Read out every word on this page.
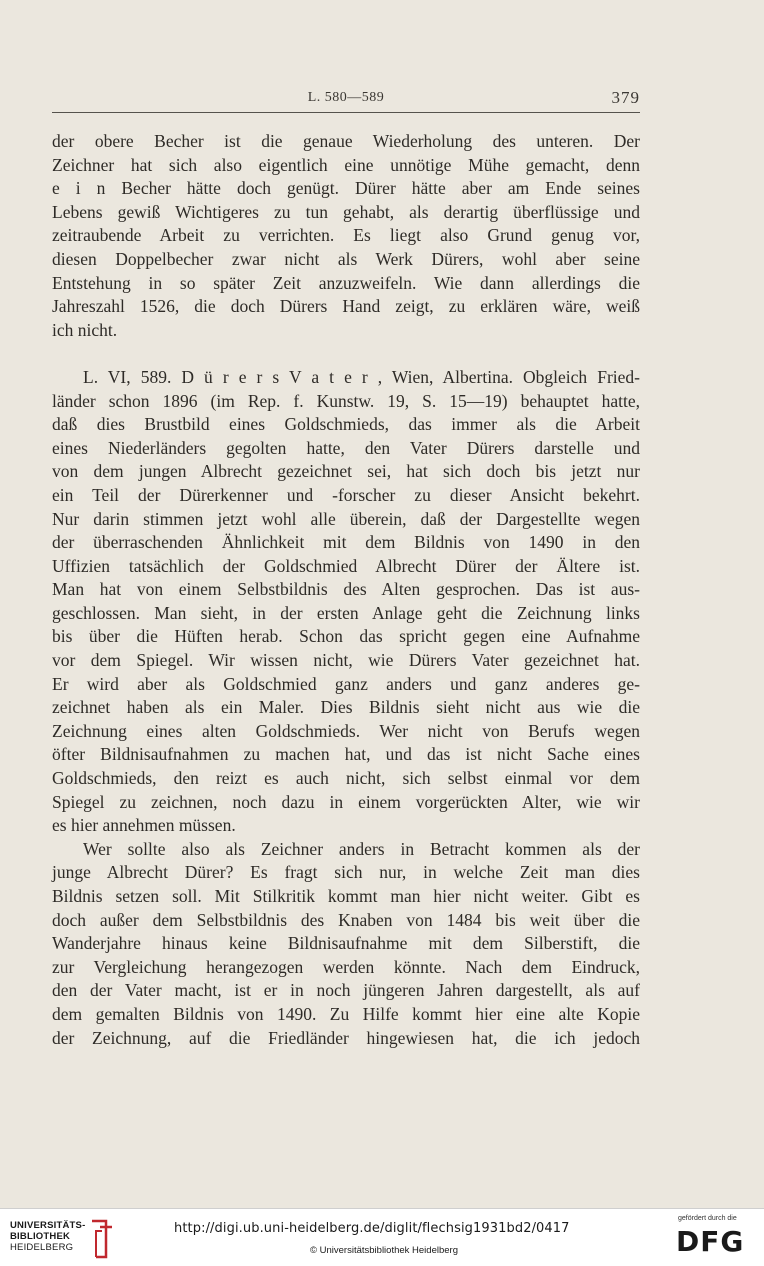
L. 580—589	379
der obere Becher ist die genaue Wiederholung des unteren. Der
Zeichner hat sich also eigentlich eine unnötige Mühe gemacht, denn
e i n Becher hätte doch genügt. Dürer hätte aber am Ende seines
Lebens gewiß Wichtigeres zu tun gehabt, als derartig überflüssige und
zeitraubende Arbeit zu verrichten. Es liegt also Grund genug vor,
diesen Doppelbecher zwar nicht als Werk Dürers, wohl aber seine
Entstehung in so später Zeit anzuzweifeln. Wie dann allerdings die
Jahreszahl 1526, die doch Dürers Hand zeigt, zu erklären wäre, weiß
ich nicht.
L. VI, 589. D ü r e r s V a t e r , Wien, Albertina. Obgleich Fried-
länder schon 1896 (im Rep. f. Kunstw. 19, S. 15—19) behauptet hatte,
daß dies Brustbild eines Goldschmieds, das immer als die Arbeit
eines Niederländers gegolten hatte, den Vater Dürers darstelle und
von dem jungen Albrecht gezeichnet sei, hat sich doch bis jetzt nur
ein Teil der Dürerkenner und -forscher zu dieser Ansicht bekehrt.
Nur darin stimmen jetzt wohl alle überein, daß der Dargestellte wegen
der überraschenden Ähnlichkeit mit dem Bildnis von 1490 in den
Uffizien tatsächlich der Goldschmied Albrecht Dürer der Ältere ist.
Man hat von einem Selbstbildnis des Alten gesprochen. Das ist aus-
geschlossen. Man sieht, in der ersten Anlage geht die Zeichnung links
bis über die Hüften herab. Schon das spricht gegen eine Aufnahme
vor dem Spiegel. Wir wissen nicht, wie Dürers Vater gezeichnet hat.
Er wird aber als Goldschmied ganz anders und ganz anderes ge-
zeichnet haben als ein Maler. Dies Bildnis sieht nicht aus wie die
Zeichnung eines alten Goldschmieds. Wer nicht von Berufs wegen
öfter Bildnisaufnahmen zu machen hat, und das ist nicht Sache eines
Goldschmieds, den reizt es auch nicht, sich selbst einmal vor dem
Spiegel zu zeichnen, noch dazu in einem vorgerückten Alter, wie wir
es hier annehmen müssen.
Wer sollte also als Zeichner anders in Betracht kommen als der
junge Albrecht Dürer? Es fragt sich nur, in welche Zeit man dies
Bildnis setzen soll. Mit Stilkritik kommt man hier nicht weiter. Gibt es
doch außer dem Selbstbildnis des Knaben von 1484 bis weit über die
Wanderjahre hinaus keine Bildnisaufnahme mit dem Silberstift, die
zur Vergleichung herangezogen werden könnte. Nach dem Eindruck,
den der Vater macht, ist er in noch jüngeren Jahren dargestellt, als auf
dem gemalten Bildnis von 1490. Zu Hilfe kommt hier eine alte Kopie
der Zeichnung, auf die Friedländer hingewiesen hat, die ich jedoch
UNIVERSITÄTS-
BIBLIOTHEK
HEIDELBERG
http://digi.ub.uni-heidelberg.de/diglit/flechsig1931bd2/0417
© Universitätsbibliothek Heidelberg
gefördert durch die
DFG
